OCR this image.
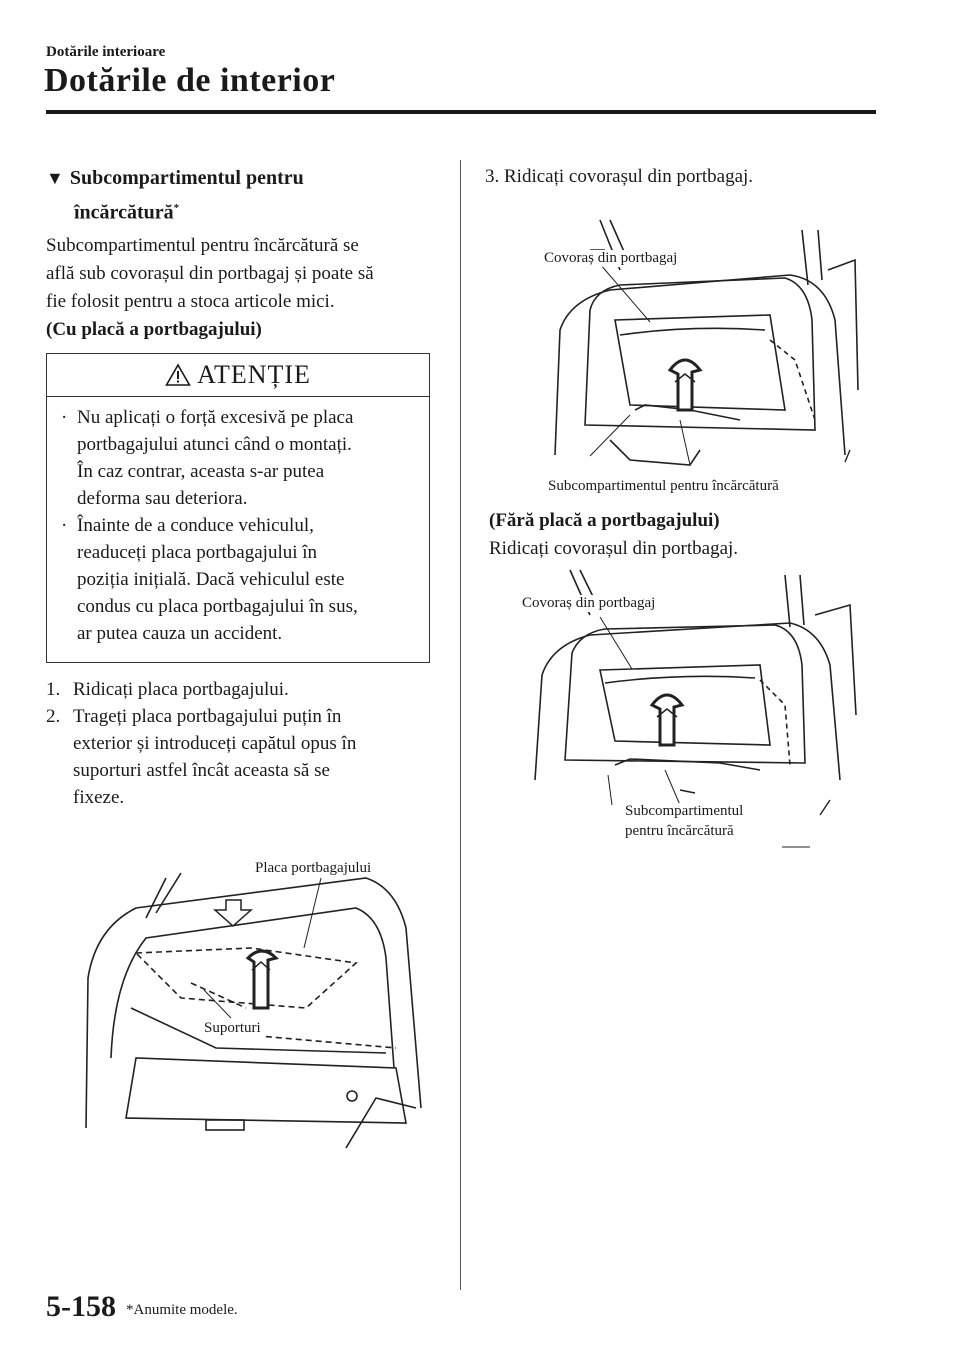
Dotările interioare
Dotările de interior
▼ Subcompartimentul pentru
încărcătură*
Subcompartimentul pentru încărcătură se
află sub covorașul din portbagaj și poate să
fie folosit pentru a stoca articole mici.
(Cu placă a portbagajului)
ATENȚIE
· Nu aplicați o forță excesivă pe placa
portbagajului atunci când o montați.
În caz contrar, aceasta s-ar putea
deforma sau deteriora.
· Înainte de a conduce vehiculul,
readuceți placa portbagajului în
poziția inițială. Dacă vehiculul este
condus cu placa portbagajului în sus,
ar putea cauza un accident.
1. Ridicați placa portbagajului.
2. Trageți placa portbagajului puțin în
exterior și introduceți capătul opus în
suporturi astfel încât aceasta să se
fixeze.
Placa portbagajului
Suporturi
3. Ridicați covorașul din portbagaj.
Covoraș din portbagaj
Subcompartimentul pentru încărcătură
(Fără placă a portbagajului)
Ridicați covorașul din portbagaj.
Covoraș din portbagaj
Subcompartimentul
pentru încărcătură
5-158 *Anumite modele.
